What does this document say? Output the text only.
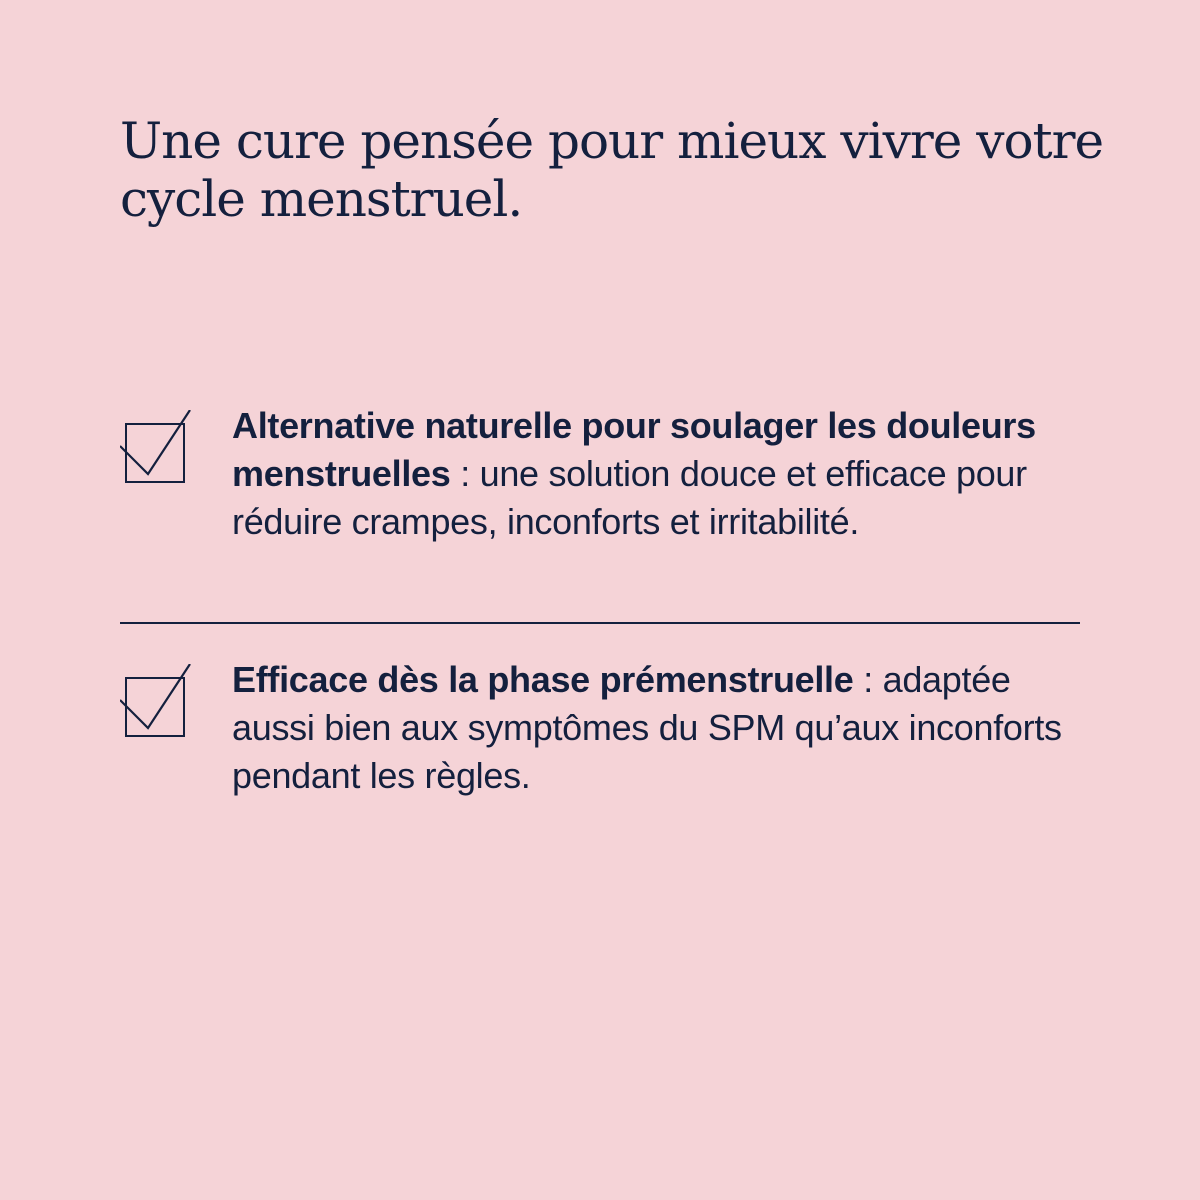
Une cure pensée pour mieux vivre votre cycle menstruel.

Alternative naturelle pour soulager les douleurs menstruelles : une solution douce et efficace pour réduire crampes, inconforts et irritabilité.

Efficace dès la phase prémenstruelle : adaptée aussi bien aux symptômes du SPM qu’aux inconforts pendant les règles.
